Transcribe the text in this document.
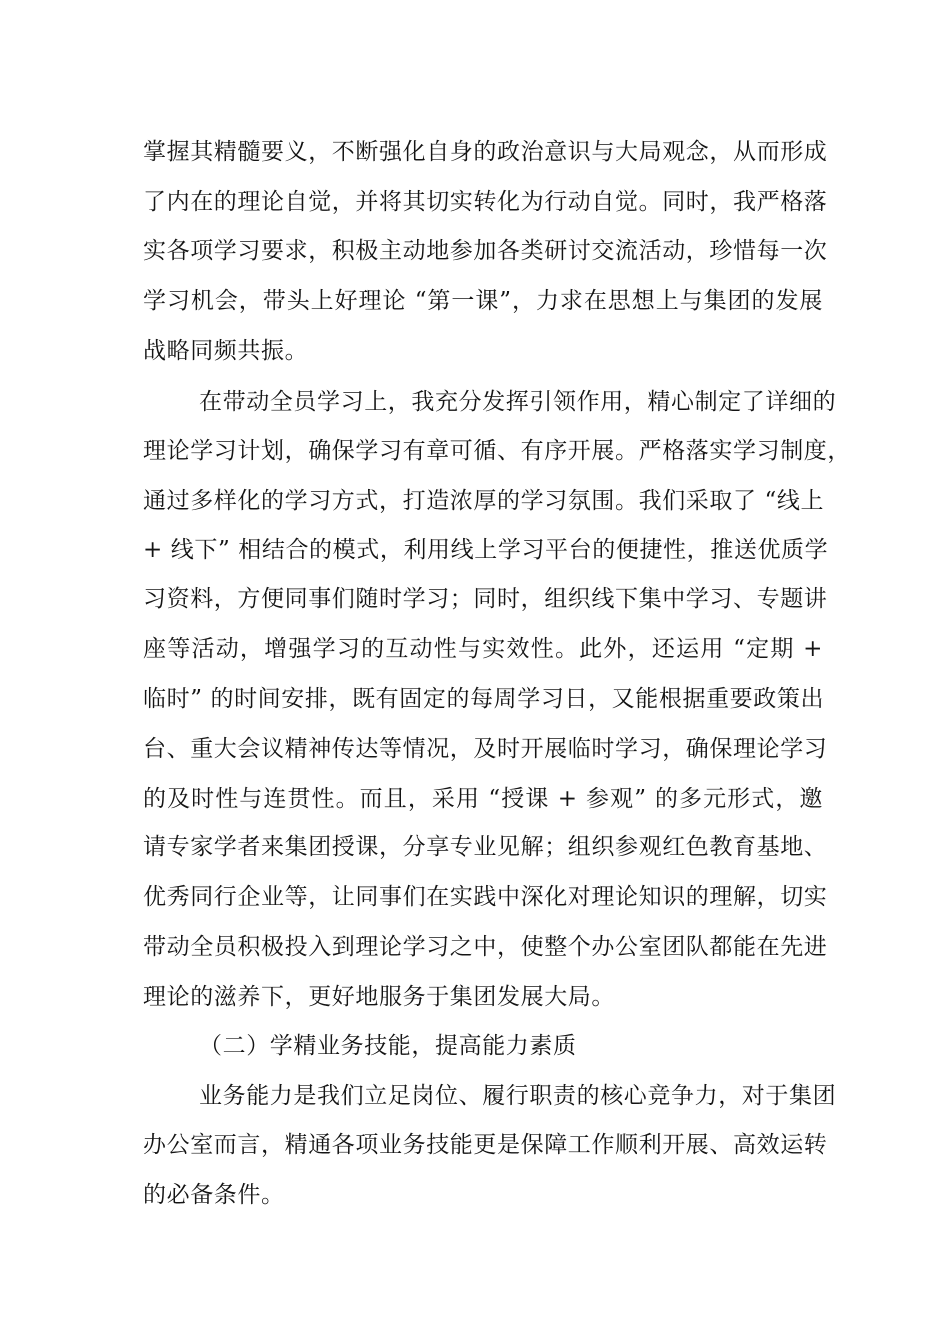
掌握其精髓要义，不断强化自身的政治意识与大局观念，从而形成

了内在的理论自觉，并将其切实转化为行动自觉。同时，我严格落

实各项学习要求，积极主动地参加各类研讨交流活动，珍惜每一次

学习机会，带头上好理论 “第一课”，力求在思想上与集团的发展

战略同频共振。

在带动全员学习上，我充分发挥引领作用，精心制定了详细的

理论学习计划，确保学习有章可循、有序开展。严格落实学习制度，

通过多样化的学习方式，打造浓厚的学习氛围。我们采取了 “线上

+ 线下” 相结合的模式，利用线上学习平台的便捷性，推送优质学

习资料，方便同事们随时学习；同时，组织线下集中学习、专题讲

座等活动，增强学习的互动性与实效性。此外，还运用 “定期 +

临时” 的时间安排，既有固定的每周学习日，又能根据重要政策出

台、重大会议精神传达等情况，及时开展临时学习，确保理论学习

的及时性与连贯性。而且，采用 “授课 + 参观” 的多元形式，邀

请专家学者来集团授课，分享专业见解；组织参观红色教育基地、

优秀同行企业等，让同事们在实践中深化对理论知识的理解，切实

带动全员积极投入到理论学习之中，使整个办公室团队都能在先进

理论的滋养下，更好地服务于集团发展大局。

（二）学精业务技能，提高能力素质

业务能力是我们立足岗位、履行职责的核心竞争力，对于集团

办公室而言，精通各项业务技能更是保障工作顺利开展、高效运转

的必备条件。
